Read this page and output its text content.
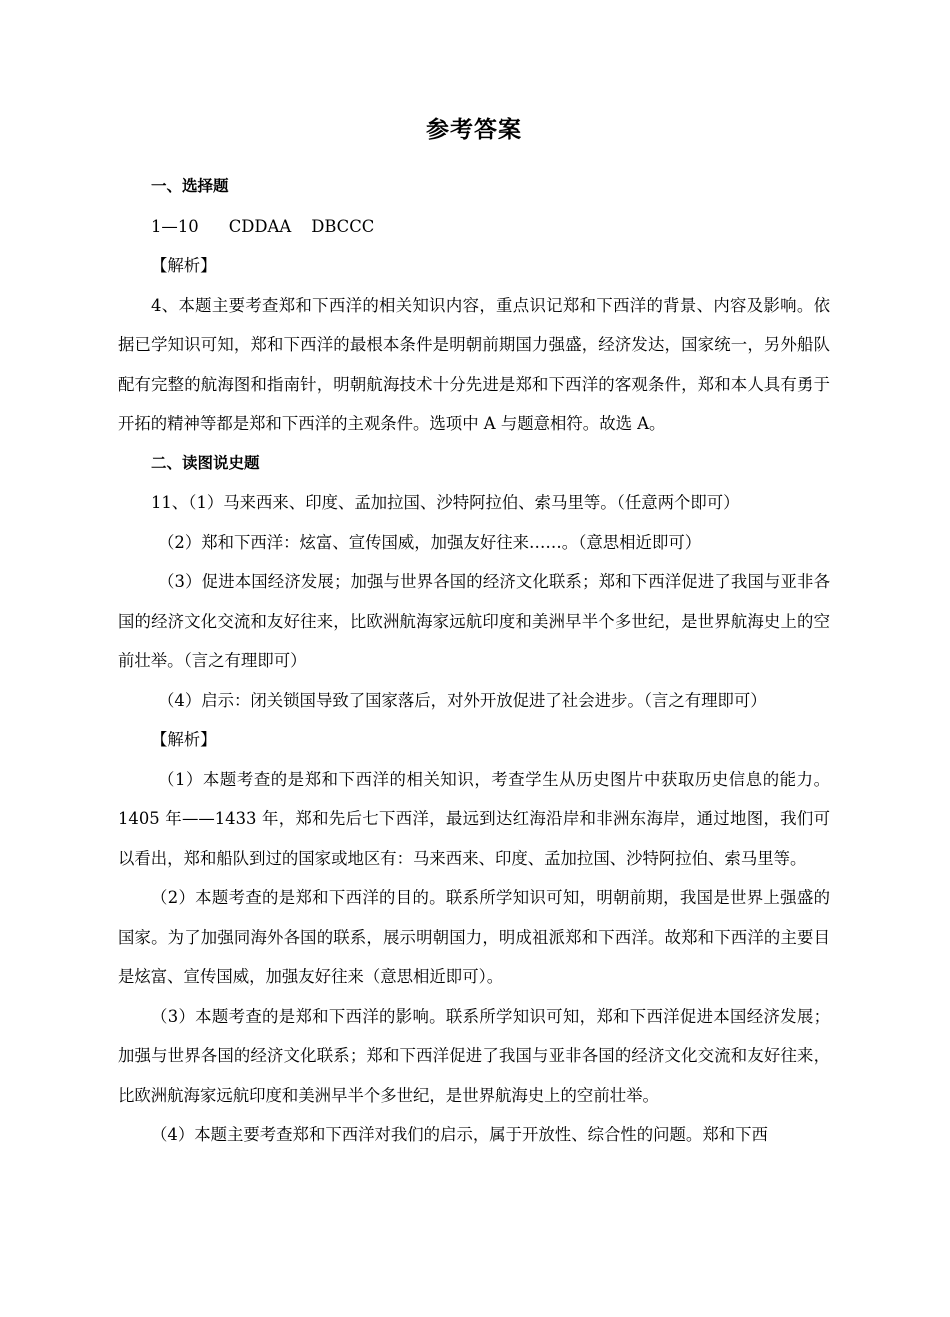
参考答案

一、选择题

1—10 CDDAA DBCCC

【解析】

4、本题主要考查郑和下西洋的相关知识内容，重点识记郑和下西洋的背景、内容及影响。依据已学知识可知，郑和下西洋的最根本条件是明朝前期国力强盛，经济发达，国家统一，另外船队配有完整的航海图和指南针，明朝航海技术十分先进是郑和下西洋的客观条件，郑和本人具有勇于开拓的精神等都是郑和下西洋的主观条件。选项中 A 与题意相符。故选 A。

二、读图说史题

11、（1）马来西来、印度、孟加拉国、沙特阿拉伯、索马里等。（任意两个即可）

（2）郑和下西洋：炫富、宣传国威，加强友好往来……。（意思相近即可）

（3）促进本国经济发展；加强与世界各国的经济文化联系；郑和下西洋促进了我国与亚非各国的经济文化交流和友好往来，比欧洲航海家远航印度和美洲早半个多世纪，是世界航海史上的空前壮举。（言之有理即可）

（4）启示：闭关锁国导致了国家落后，对外开放促进了社会进步。（言之有理即可）

【解析】

（1）本题考查的是郑和下西洋的相关知识，考查学生从历史图片中获取历史信息的能力。1405 年——1433 年，郑和先后七下西洋，最远到达红海沿岸和非洲东海岸，通过地图，我们可以看出，郑和船队到过的国家或地区有：马来西来、印度、孟加拉国、沙特阿拉伯、索马里等。

（2）本题考查的是郑和下西洋的目的。联系所学知识可知，明朝前期，我国是世界上强盛的国家。为了加强同海外各国的联系，展示明朝国力，明成祖派郑和下西洋。故郑和下西洋的主要目是炫富、宣传国威，加强友好往来（意思相近即可）。

（3）本题考查的是郑和下西洋的影响。联系所学知识可知，郑和下西洋促进本国经济发展；加强与世界各国的经济文化联系；郑和下西洋促进了我国与亚非各国的经济文化交流和友好往来，比欧洲航海家远航印度和美洲早半个多世纪，是世界航海史上的空前壮举。

（4）本题主要考查郑和下西洋对我们的启示，属于开放性、综合性的问题。郑和下西
